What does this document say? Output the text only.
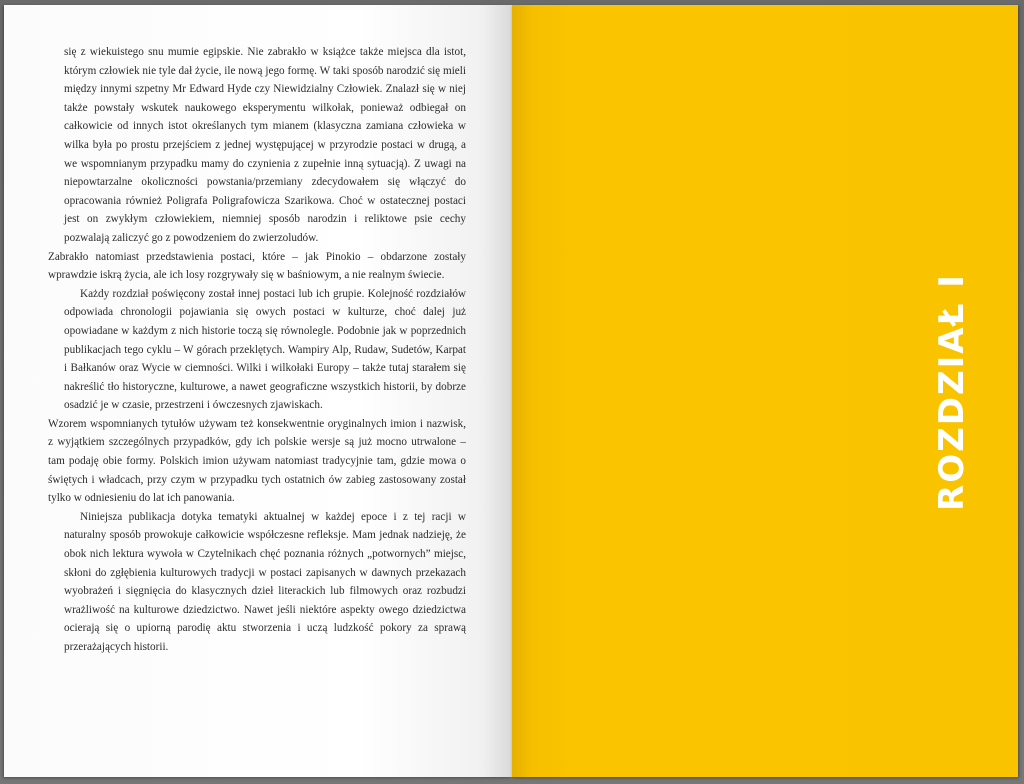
się z wiekuistego snu mumie egipskie. Nie zabrakło w książce także miejsca dla istot, którym człowiek nie tyle dał życie, ile nową jego formę. W taki sposób narodzić się mieli między innymi szpetny Mr Edward Hyde czy Niewidzialny Człowiek. Znalazł się w niej także powstały wskutek naukowego eksperymentu wilkołak, ponieważ odbiegał on całkowicie od innych istot określanych tym mianem (klasyczna zamiana człowieka w wilka była po prostu przejściem z jednej występującej w przyrodzie postaci w drugą, a we wspomnianym przypadku mamy do czynienia z zupełnie inną sytuacją). Z uwagi na niepowtarzalne okoliczności powstania/przemiany zdecydowałem się włączyć do opracowania również Poligrafa Poligrafowicza Szarikowa. Choć w ostatecznej postaci jest on zwykłym człowiekiem, niemniej sposób narodzin i reliktowe psie cechy pozwalają zaliczyć go z powodzeniem do zwierzoludów.

Zabrakło natomiast przedstawienia postaci, które – jak Pinokio – obdarzone zostały wprawdzie iskrą życia, ale ich losy rozgrywały się w baśniowym, a nie realnym świecie.

Każdy rozdział poświęcony został innej postaci lub ich grupie. Kolejność rozdziałów odpowiada chronologii pojawiania się owych postaci w kulturze, choć dalej już opowiadane w każdym z nich historie toczą się równolegle. Podobnie jak w poprzednich publikacjach tego cyklu – W górach przeklętych. Wampiry Alp, Rudaw, Sudetów, Karpat i Bałkanów oraz Wycie w ciemności. Wilki i wilkołaki Europy – także tutaj starałem się nakreślić tło historyczne, kulturowe, a nawet geograficzne wszystkich historii, by dobrze osadzić je w czasie, przestrzeni i ówczesnych zjawiskach.

Wzorem wspomnianych tytułów używam też konsekwentnie oryginalnych imion i nazwisk, z wyjątkiem szczególnych przypadków, gdy ich polskie wersje są już mocno utrwalone – tam podaję obie formy. Polskich imion używam natomiast tradycyjnie tam, gdzie mowa o świętych i władcach, przy czym w przypadku tych ostatnich ów zabieg zastosowany został tylko w odniesieniu do lat ich panowania.

Niniejsza publikacja dotyka tematyki aktualnej w każdej epoce i z tej racji w naturalny sposób prowokuje całkowicie współczesne refleksje. Mam jednak nadzieję, że obok nich lektura wywoła w Czytelnikach chęć poznania różnych „potwornych” miejsc, skłoni do zgłębienia kulturowych tradycji w postaci zapisanych w dawnych przekazach wyobrażeń i sięgnięcia do klasycznych dzieł literackich lub filmowych oraz rozbudzi wrażliwość na kulturowe dziedzictwo. Nawet jeśli niektóre aspekty owego dziedzictwa ocierają się o upiorną parodię aktu stworzenia i uczą ludzkość pokory za sprawą przerażających historii.

ROZDZIAŁ I
